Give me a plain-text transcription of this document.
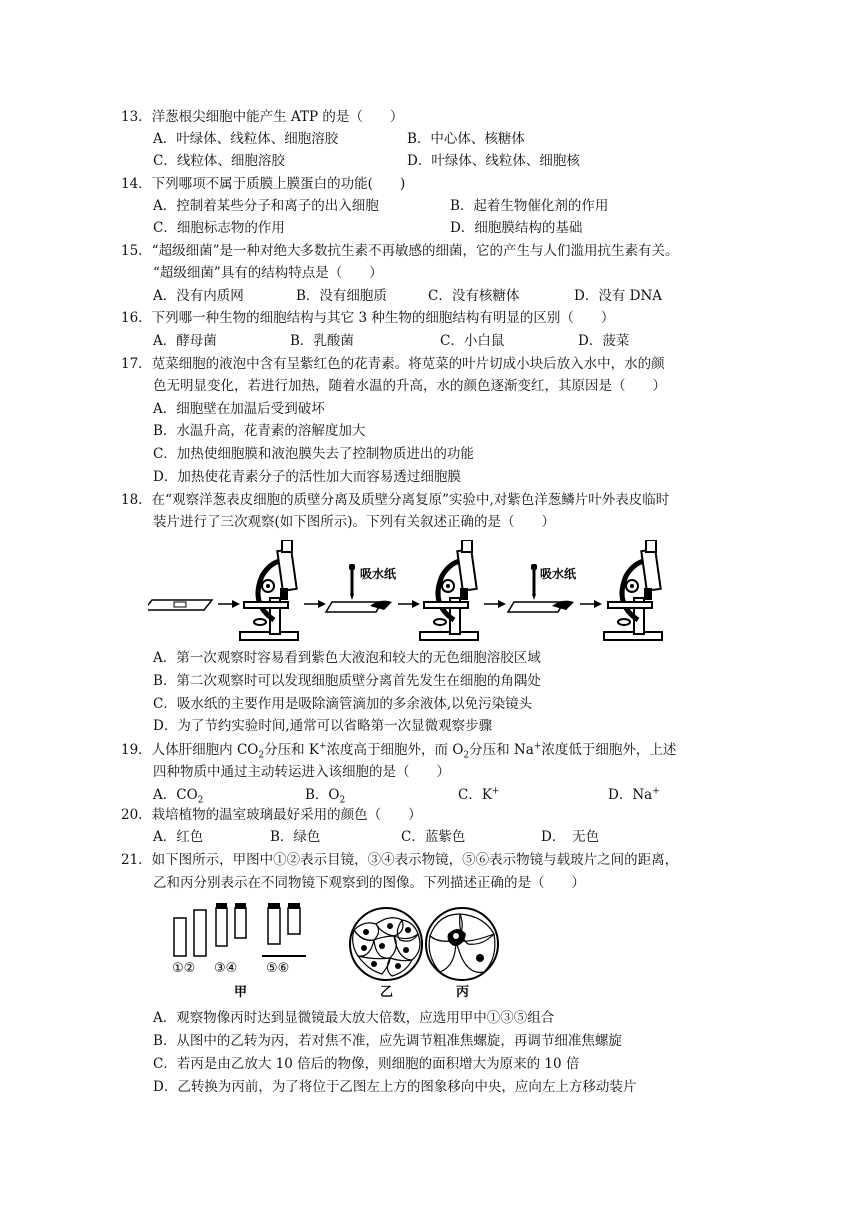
13．洋葱根尖细胞中能产生 ATP 的是（　　）
A．叶绿体、线粒体、细胞溶胶	B．中心体、核糖体
C．线粒体、细胞溶胶	D．叶绿体、线粒体、细胞核
14．下列哪项不属于质膜上膜蛋白的功能(　　)
A．控制着某些分子和离子的出入细胞	B．起着生物催化剂的作用
C．细胞标志物的作用	D．细胞膜结构的基础
15．“超级细菌”是一种对绝大多数抗生素不再敏感的细菌，它的产生与人们滥用抗生素有关。
“超级细菌”具有的结构特点是（　　）
A．没有内质网	B．没有细胞质	C．没有核糖体	D．没有 DNA
16．下列哪一种生物的细胞结构与其它 3 种生物的细胞结构有明显的区别（　　）
A．酵母菌	B．乳酸菌	C．小白鼠	D．菠菜
17．苋菜细胞的液泡中含有呈紫红色的花青素。将苋菜的叶片切成小块后放入水中，水的颜
色无明显变化，若进行加热，随着水温的升高，水的颜色逐渐变红，其原因是（　　）
A．细胞壁在加温后受到破坏
B．水温升高，花青素的溶解度加大
C．加热使细胞膜和液泡膜失去了控制物质进出的功能
D．加热使花青素分子的活性加大而容易透过细胞膜
18．在“观察洋葱表皮细胞的质壁分离及质壁分离复原”实验中,对紫色洋葱鳞片叶外表皮临时
装片进行了三次观察(如下图所示)。下列有关叙述正确的是（　　）
吸水纸	吸水纸
A．第一次观察时容易看到紫色大液泡和较大的无色细胞溶胶区域
B．第二次观察时可以发现细胞质壁分离首先发生在细胞的角隅处
C．吸水纸的主要作用是吸除滴管滴加的多余液体,以免污染镜头
D．为了节约实验时间,通常可以省略第一次显微观察步骤
19．人体肝细胞内 $CO_2$分压和 K+浓度高于细胞外，而 $O_2$分压和 Na+浓度低于细胞外，上述
四种物质中通过主动转运进入该细胞的是（　　）
A．$CO_2$	B．$O_2$	C．K+	D．Na+
20．栽培植物的温室玻璃最好采用的颜色（　　）
A．红色	B．绿色	C．蓝紫色	D．　无色
21．如下图所示，甲图中①②表示目镜，③④表示物镜，⑤⑥表示物镜与载玻片之间的距离，
乙和丙分别表示在不同物镜下观察到的图像。下列描述正确的是（　　）
①② ③④ ⑤⑥
甲	乙	丙
A．观察物像丙时达到显微镜最大放大倍数，应选用甲中①③⑤组合
B．从图中的乙转为丙，若对焦不准，应先调节粗准焦螺旋，再调节细准焦螺旋
C．若丙是由乙放大 10 倍后的物像，则细胞的面积增大为原来的 10 倍
D．乙转换为丙前，为了将位于乙图左上方的图象移向中央，应向左上方移动装片
